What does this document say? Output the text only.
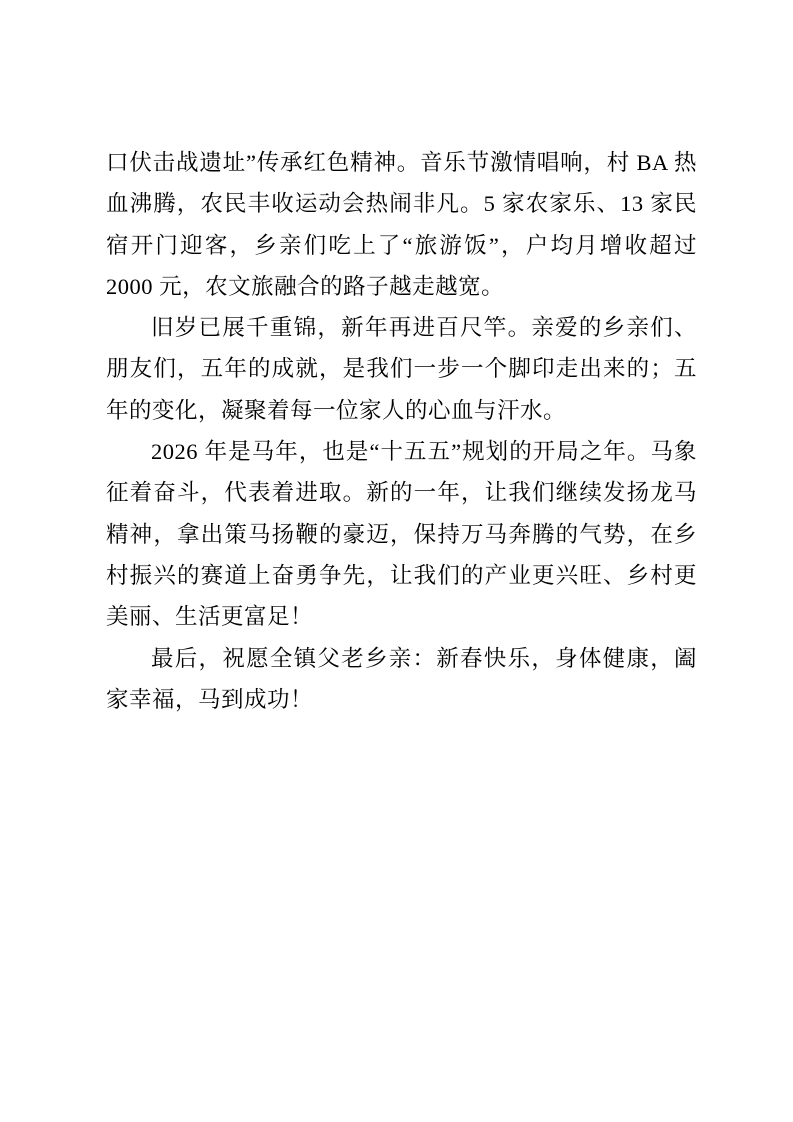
口伏击战遗址”传承红色精神。音乐节激情唱响，村 BA 热血沸腾，农民丰收运动会热闹非凡。5 家农家乐、13 家民宿开门迎客，乡亲们吃上了“旅游饭”，户均月增收超过 2000 元，农文旅融合的路子越走越宽。

旧岁已展千重锦，新年再进百尺竿。亲爱的乡亲们、朋友们，五年的成就，是我们一步一个脚印走出来的；五年的变化，凝聚着每一位家人的心血与汗水。

2026 年是马年，也是“十五五”规划的开局之年。马象征着奋斗，代表着进取。新的一年，让我们继续发扬龙马精神，拿出策马扬鞭的豪迈，保持万马奔腾的气势，在乡村振兴的赛道上奋勇争先，让我们的产业更兴旺、乡村更美丽、生活更富足！

最后，祝愿全镇父老乡亲：新春快乐，身体健康，阖家幸福，马到成功！
